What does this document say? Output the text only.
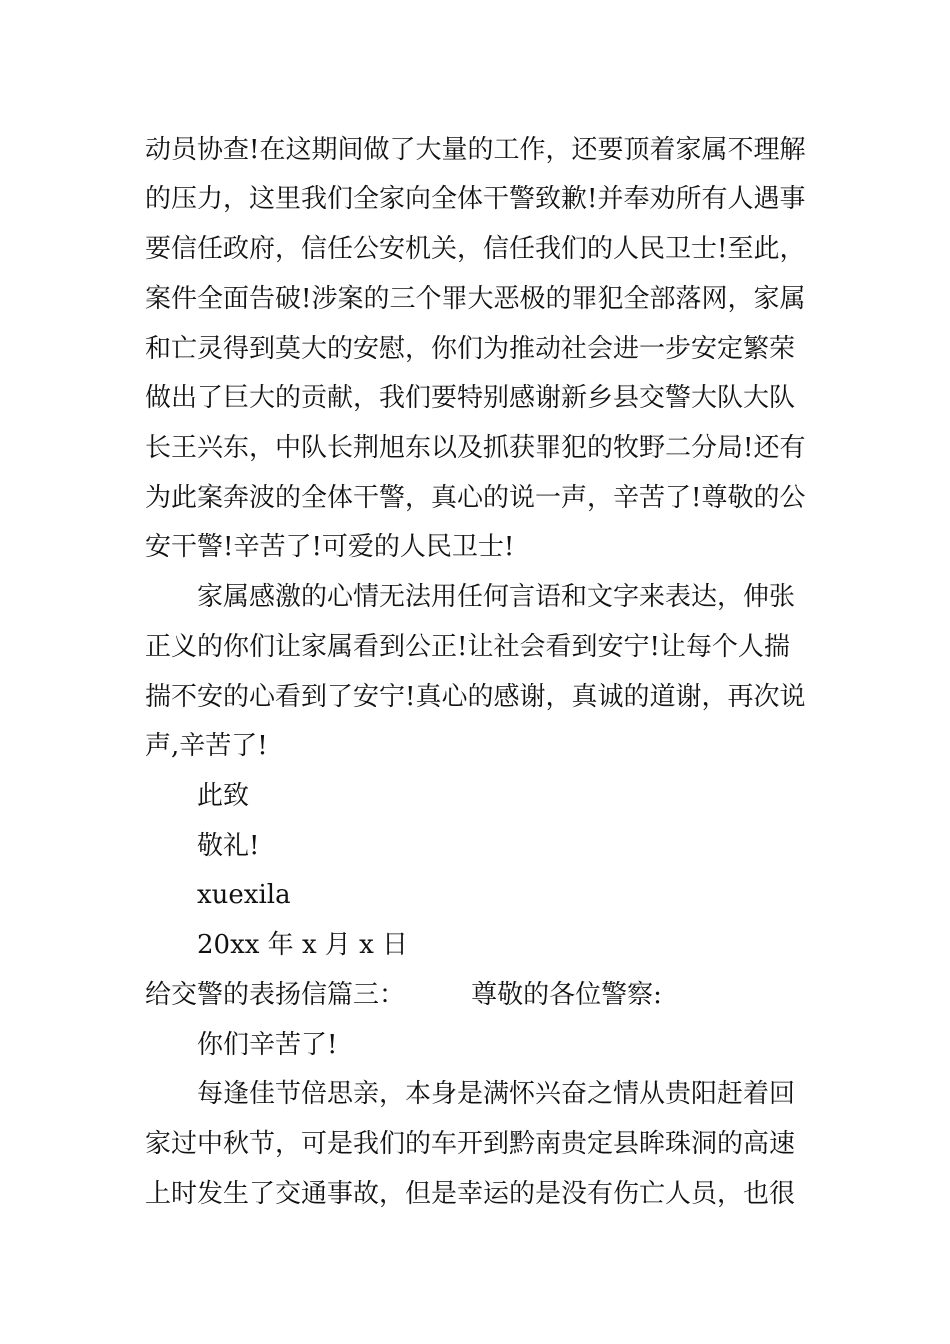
动员协查!在这期间做了大量的工作，还要顶着家属不理解
的压力，这里我们全家向全体干警致歉!并奉劝所有人遇事
要信任政府，信任公安机关，信任我们的人民卫士!至此，
案件全面告破!涉案的三个罪大恶极的罪犯全部落网，家属
和亡灵得到莫大的安慰，你们为推动社会进一步安定繁荣
做出了巨大的贡献，我们要特别感谢新乡县交警大队大队
长王兴东，中队长荆旭东以及抓获罪犯的牧野二分局!还有
为此案奔波的全体干警，真心的说一声，辛苦了!尊敬的公
安干警!辛苦了!可爱的人民卫士!
家属感激的心情无法用任何言语和文字来表达，伸张
正义的你们让家属看到公正!让社会看到安宁!让每个人揣
揣不安的心看到了安宁!真心的感谢，真诚的道谢，再次说
声,辛苦了!
此致
敬礼!
xuexila
20xx 年 x 月 x 日
给交警的表扬信篇三：        尊敬的各位警察:
你们辛苦了!
每逢佳节倍思亲，本身是满怀兴奋之情从贵阳赶着回
家过中秋节，可是我们的车开到黔南贵定县眸珠洞的高速
上时发生了交通事故，但是幸运的是没有伤亡人员，也很
